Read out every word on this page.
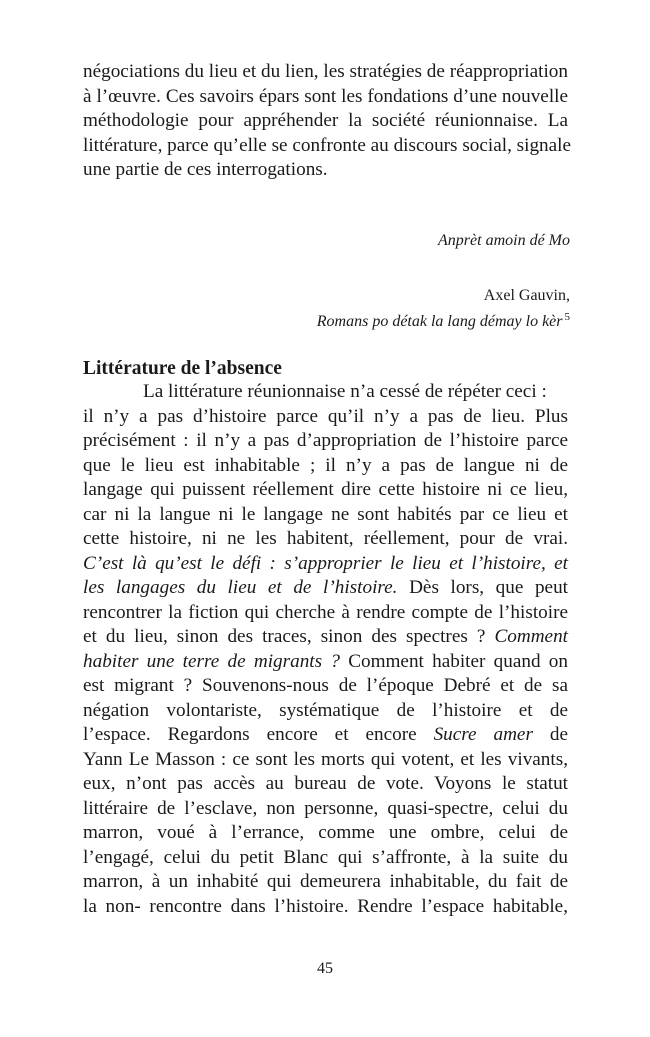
négociations du lieu et du lien, les stratégies de réappropriation
à l’œuvre. Ces savoirs épars sont les fondations d’une nouvelle
méthodologie pour appréhender la société réunionnaise. La
littérature, parce qu’elle se confronte au discours social, signale
une partie de ces interrogations.
Anprèt amoin dé Mo
Axel Gauvin,
Romans po détak la lang démay lo kèr $^5$
Littérature de l’absence
La littérature réunionnaise n’a cessé de répéter ceci :
il n’y a pas d’histoire parce qu’il n’y a pas de lieu. Plus
précisément : il n’y a pas d’appropriation de l’histoire parce
que le lieu est inhabitable ; il n’y a pas de langue ni de
langage qui puissent réellement dire cette histoire ni ce lieu,
car ni la langue ni le langage ne sont habités par ce lieu et
cette histoire, ni ne les habitent, réellement, pour de vrai.
C’est là qu’est le défi : s’approprier le lieu et l’histoire, et
les langages du lieu et de l’histoire. Dès lors, que peut
rencontrer la fiction qui cherche à rendre compte de l’histoire
et du lieu, sinon des traces, sinon des spectres ? Comment
habiter une terre de migrants ? Comment habiter quand on
est migrant ? Souvenons-nous de l’époque Debré et de sa
négation volontariste, systématique de l’histoire et de
l’espace. Regardons encore et encore Sucre amer de
Yann Le Masson : ce sont les morts qui votent, et les vivants,
eux, n’ont pas accès au bureau de vote. Voyons le statut
littéraire de l’esclave, non personne, quasi-spectre, celui du
marron, voué à l’errance, comme une ombre, celui de
l’engagé, celui du petit Blanc qui s’affronte, à la suite du
marron, à un inhabité qui demeurera inhabitable, du fait de
la non- rencontre dans l’histoire. Rendre l’espace habitable,
45
